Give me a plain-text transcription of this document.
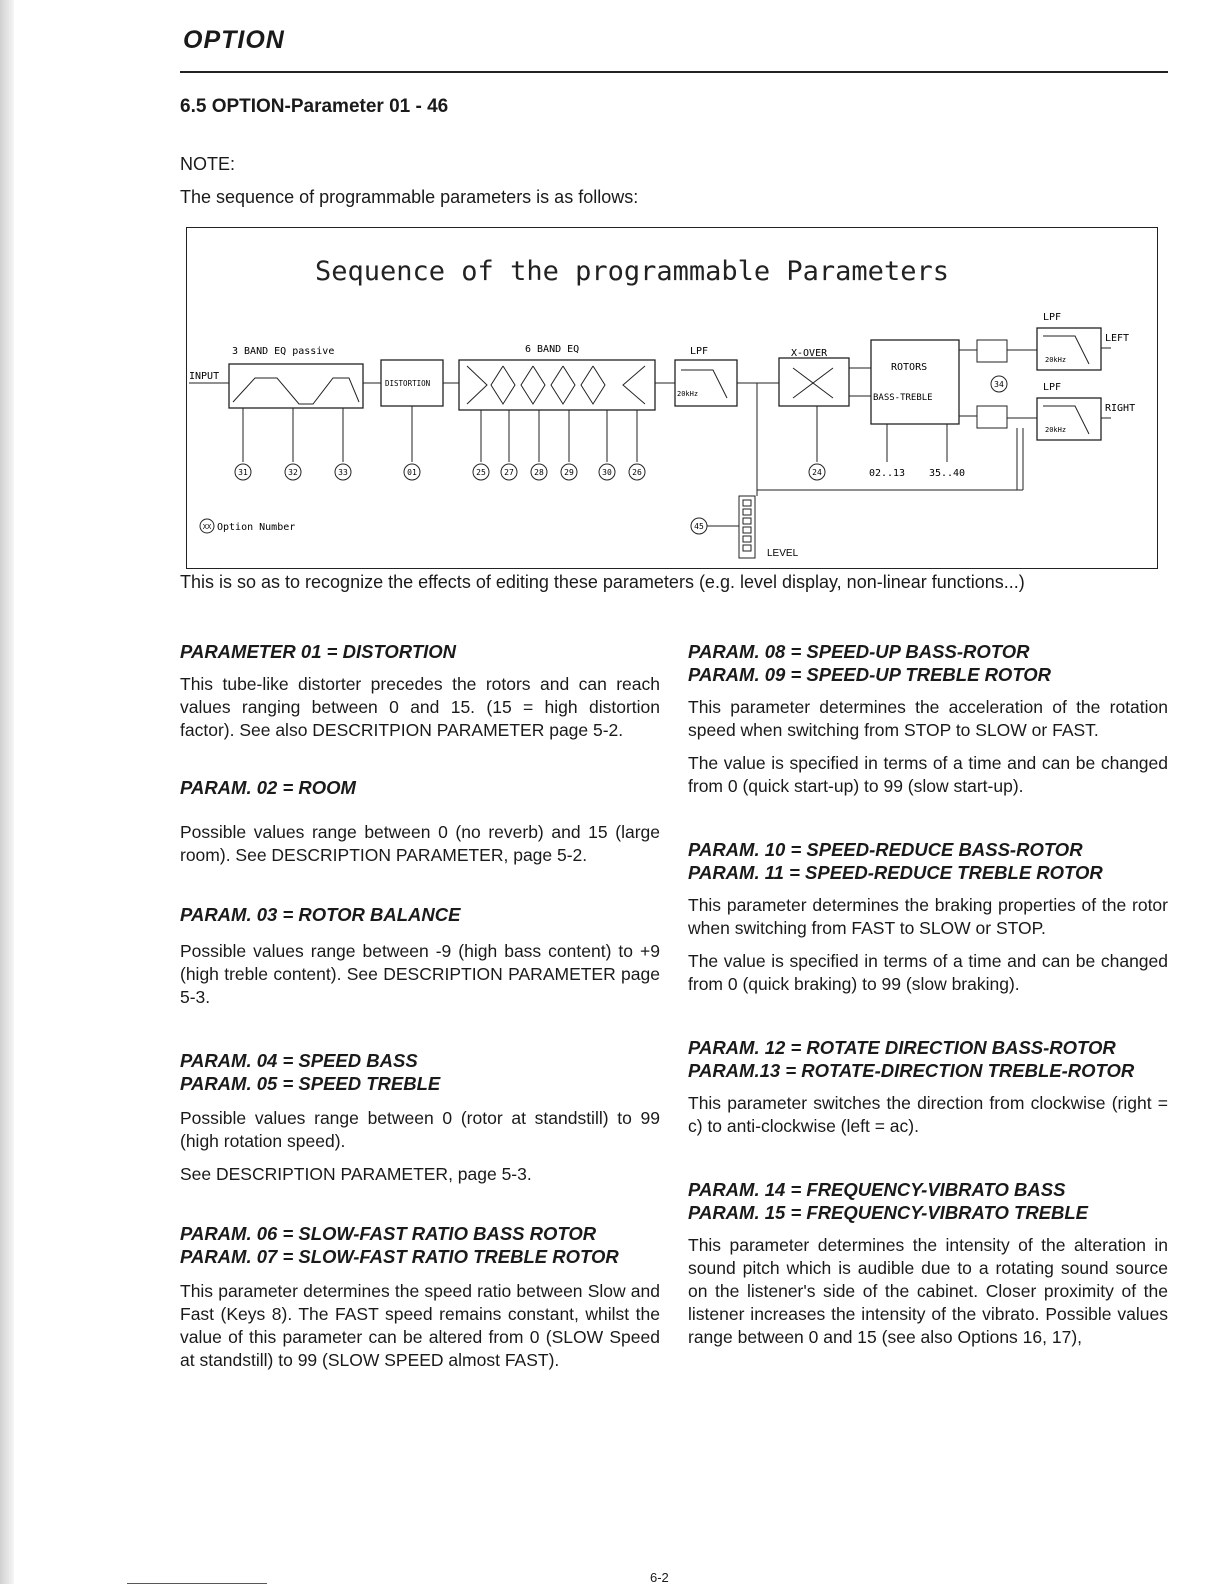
OPTION
6.5 OPTION-Parameter 01 - 46
NOTE:
The sequence of programmable parameters is as follows:
Sequence of the programmable Parameters
3 BAND EQ passive	6 BAND EQ	LPF	X-OVER
LPF
LPF
LEFT
RIGHT
INPUT
DISTORTION
20kHz
ROTORS
BASS-TREBLE
20kHz
20kHz
31	32	33	01	25 27	28	29	30	26	24	02..13 35..40
34
45
XX Option Number
LEVEL
This is so as to recognize the effects of editing these parameters (e.g. level display, non-linear functions...)
PARAMETER 01 = DISTORTION
This tube-like distorter precedes the rotors and can reach values ranging between 0 and 15. (15 = high distortion factor). See also DESCRITPION PARAMETER page 5-2.
PARAM. 02 = ROOM
Possible values range between 0 (no reverb) and 15 (large room). See DESCRIPTION PARAMETER, page 5-2.
PARAM. 03 = ROTOR BALANCE
Possible values range between -9 (high bass content) to +9 (high treble content). See DESCRIPTION PARAMETER page 5-3.
PARAM. 04 = SPEED BASS
PARAM. 05 = SPEED TREBLE
Possible values range between 0 (rotor at standstill) to 99 (high rotation speed).
See DESCRIPTION PARAMETER, page 5-3.
PARAM. 06 = SLOW-FAST RATIO BASS ROTOR
PARAM. 07 = SLOW-FAST RATIO TREBLE ROTOR
This parameter determines the speed ratio between Slow and Fast (Keys 8). The FAST speed remains constant, whilst the value of this parameter can be altered from 0 (SLOW Speed at standstill) to 99 (SLOW SPEED almost FAST).
PARAM. 08 = SPEED-UP BASS-ROTOR
PARAM. 09 = SPEED-UP TREBLE ROTOR
This parameter determines the acceleration of the rotation speed when switching from STOP to SLOW or FAST.
The value is specified in terms of a time and can be changed from 0 (quick start-up) to 99 (slow start-up).
PARAM. 10 = SPEED-REDUCE BASS-ROTOR
PARAM. 11 = SPEED-REDUCE TREBLE ROTOR
This parameter determines the braking properties of the rotor when switching from FAST to SLOW or STOP.
The value is specified in terms of a time and can be changed from 0 (quick braking) to 99 (slow braking).
PARAM. 12 = ROTATE DIRECTION BASS-ROTOR
PARAM.13 = ROTATE-DIRECTION TREBLE-ROTOR
This parameter switches the direction from clockwise (right = c) to anti-clockwise (left = ac).
PARAM. 14 = FREQUENCY-VIBRATO BASS
PARAM. 15 = FREQUENCY-VIBRATO TREBLE
This parameter determines the intensity of the alteration in sound pitch which is audible due to a rotating sound source on the listener's side of the cabinet. Closer proximity of the listener increases the intensity of the vibrato. Possible values range between 0 and 15 (see also Options 16, 17),
6-2
